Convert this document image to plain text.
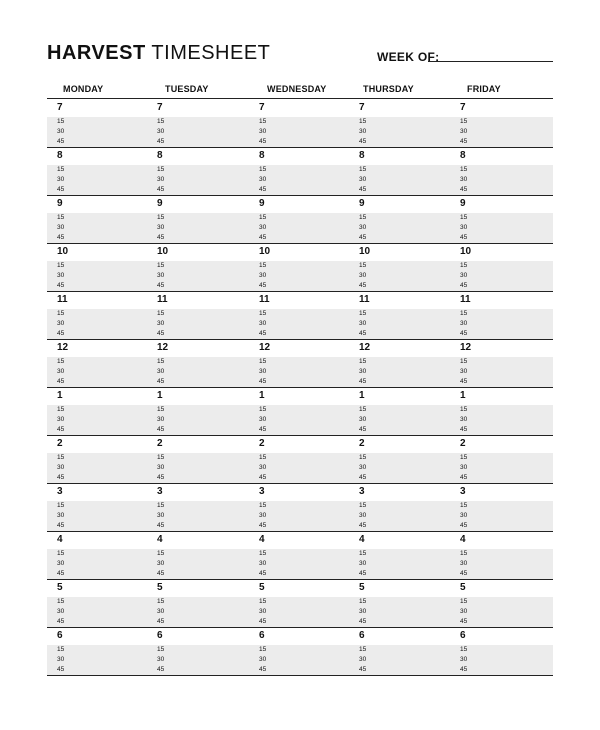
HARVEST TIMESHEET	WEEK OF:
MONDAY	TUESDAY	WEDNESDAY	THURSDAY	FRIDAY
7	7	7	7	7
15	15	15	15	15
30	30	30	30	30
45	45	45	45	45
8	8	8	8	8
15	15	15	15	15
30	30	30	30	30
45	45	45	45	45
9	9	9	9	9
15	15	15	15	15
30	30	30	30	30
45	45	45	45	45
10	10	10	10	10
15	15	15	15	15
30	30	30	30	30
45	45	45	45	45
11	11	11	11	11
15	15	15	15	15
30	30	30	30	30
45	45	45	45	45
12	12	12	12	12
15	15	15	15	15
30	30	30	30	30
45	45	45	45	45
1	1	1	1	1
15	15	15	15	15
30	30	30	30	30
45	45	45	45	45
2	2	2	2	2
15	15	15	15	15
30	30	30	30	30
45	45	45	45	45
3	3	3	3	3
15	15	15	15	15
30	30	30	30	30
45	45	45	45	45
4	4	4	4	4
15	15	15	15	15
30	30	30	30	30
45	45	45	45	45
5	5	5	5	5
15	15	15	15	15
30	30	30	30	30
45	45	45	45	45
6	6	6	6	6
15	15	15	15	15
30	30	30	30	30
45	45	45	45	45
